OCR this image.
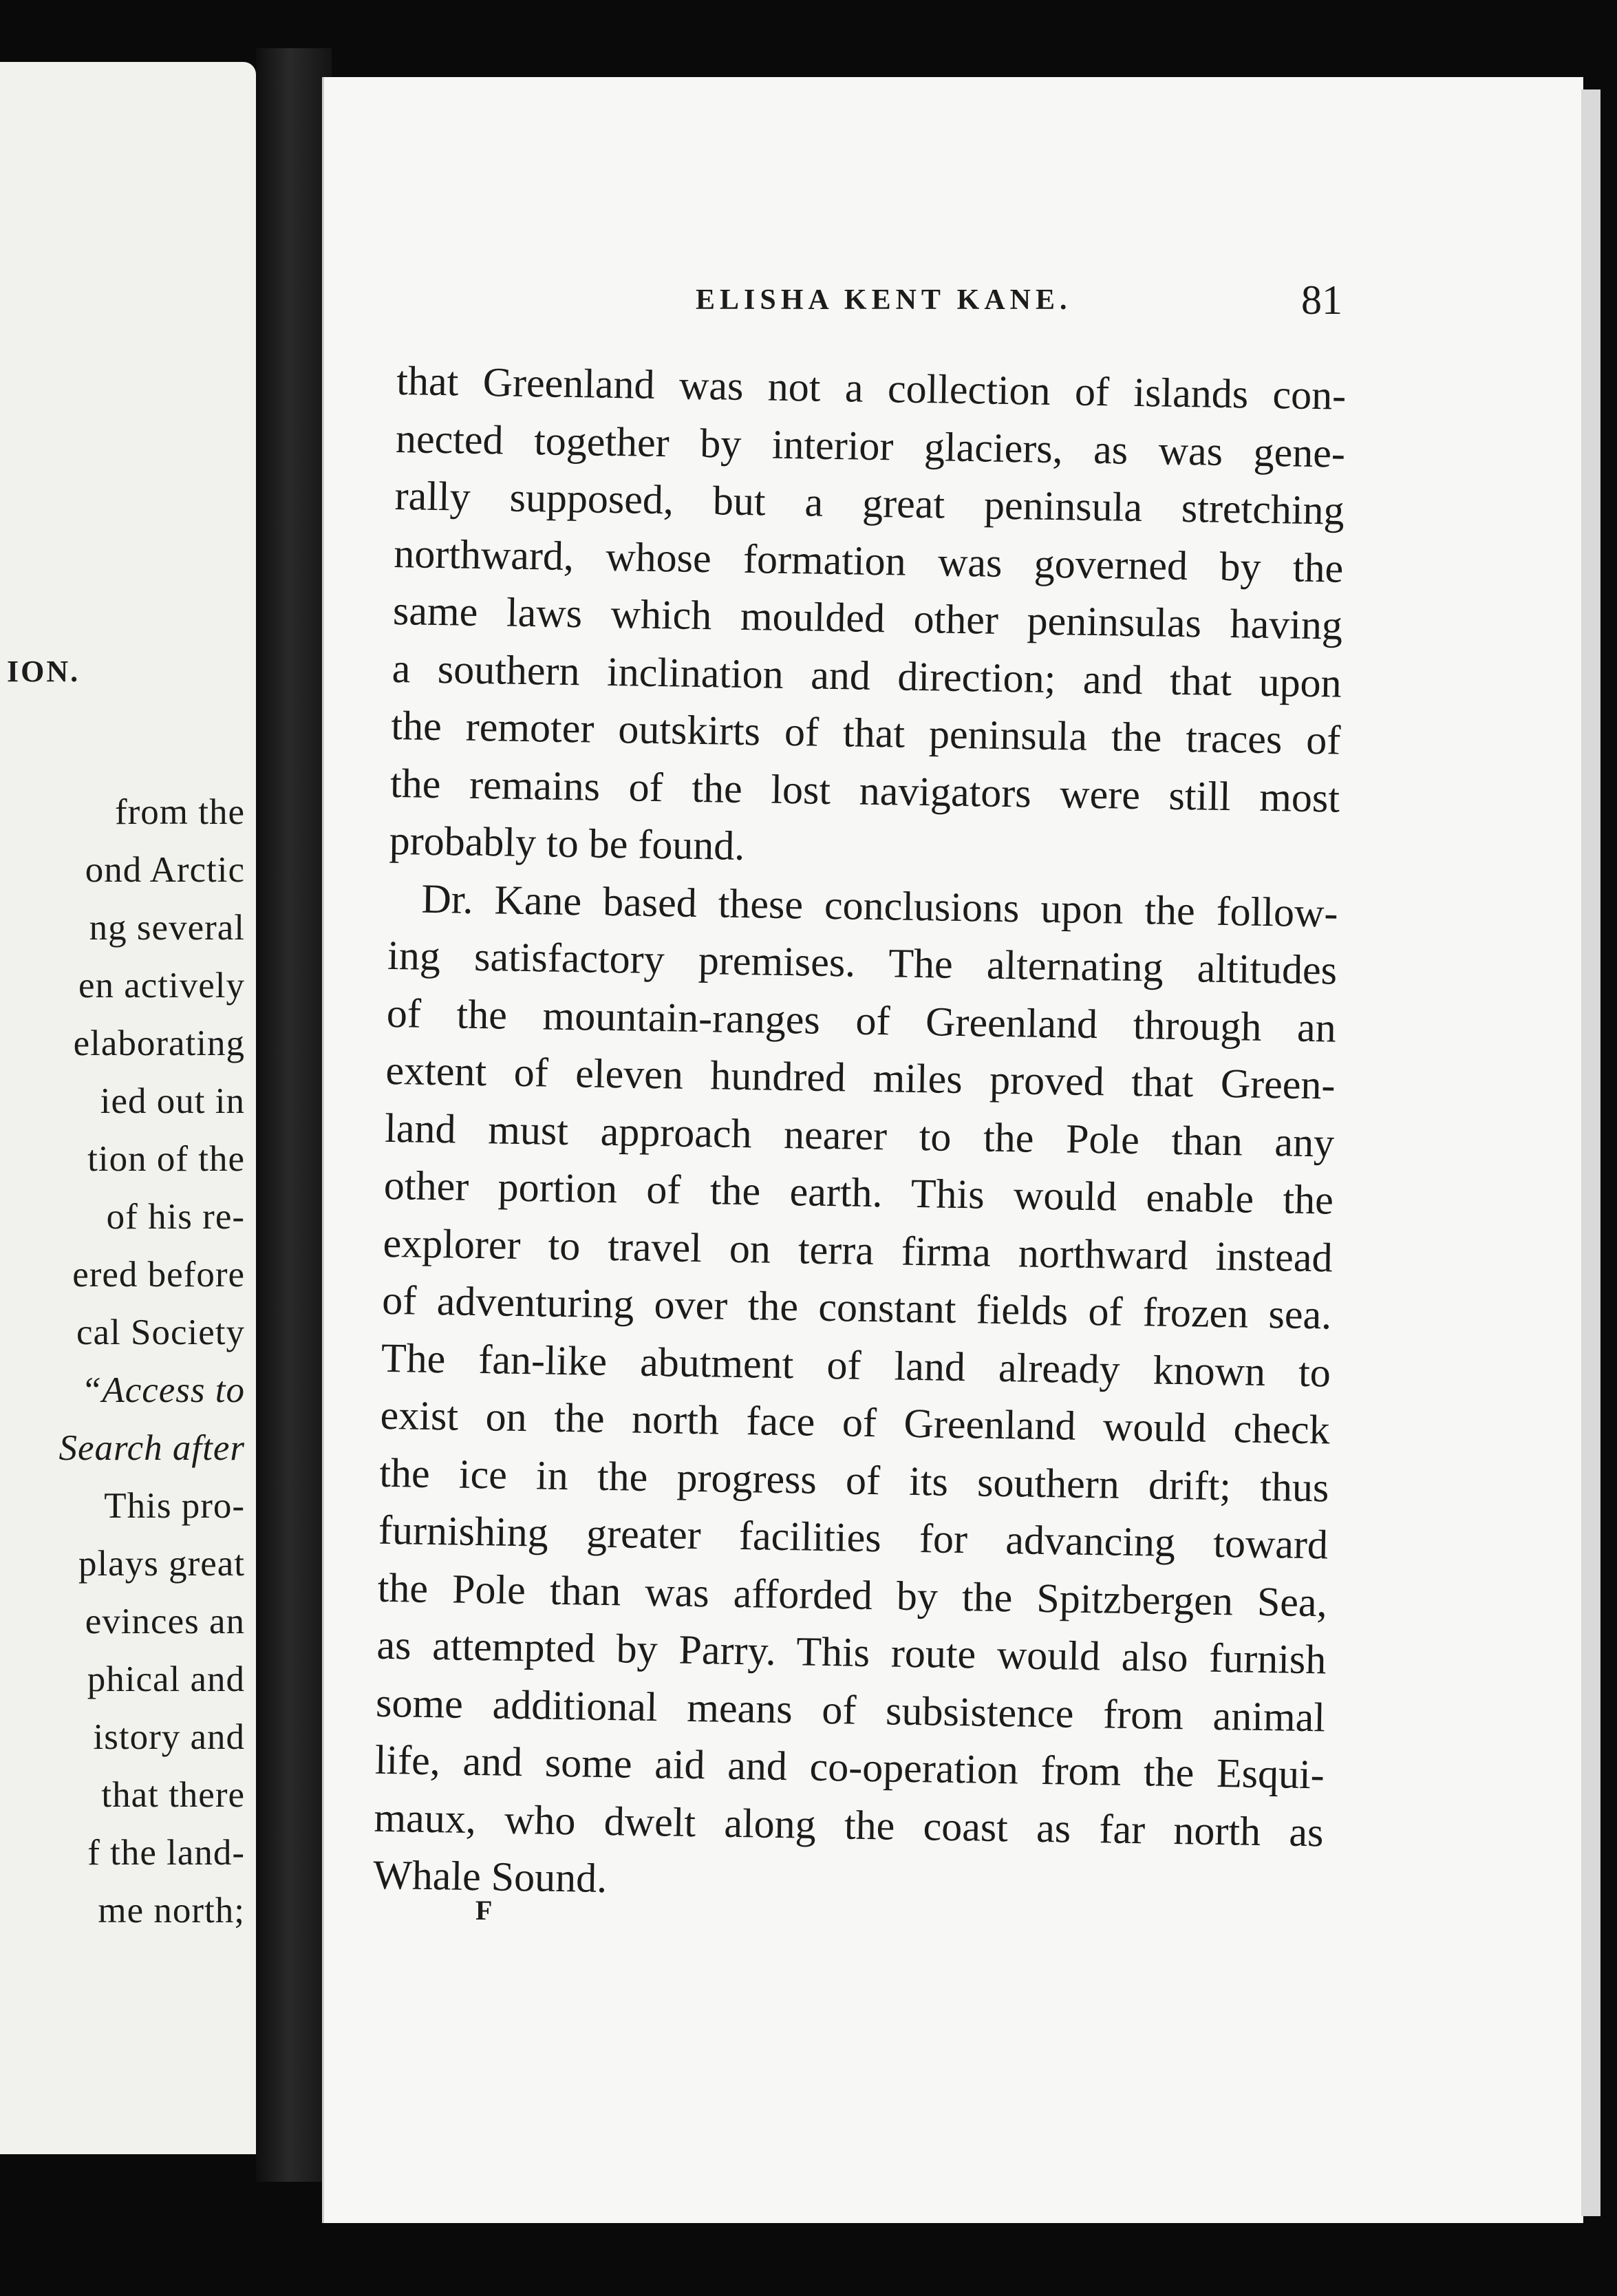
ION.
from the
ond Arctic
ng several
en actively
elaborating
ied out in
tion of the
of his re-
ered before
cal Society
“Access to
Search after
This pro-
plays great
evinces an
phical and
istory and
that there
f the land-
me north;
ELISHA KENT KANE.	81
that Greenland was not a collection of islands con-
nected together by interior glaciers, as was gene-
rally supposed, but a great peninsula stretching
northward, whose formation was governed by the
same laws which moulded other peninsulas having
a southern inclination and direction; and that upon
the remoter outskirts of that peninsula the traces of
the remains of the lost navigators were still most
probably to be found.
Dr. Kane based these conclusions upon the follow-
ing satisfactory premises. The alternating altitudes
of the mountain-ranges of Greenland through an
extent of eleven hundred miles proved that Green-
land must approach nearer to the Pole than any
other portion of the earth. This would enable the
explorer to travel on terra firma northward instead
of adventuring over the constant fields of frozen sea.
The fan-like abutment of land already known to
exist on the north face of Greenland would check
the ice in the progress of its southern drift; thus
furnishing greater facilities for advancing toward
the Pole than was afforded by the Spitzbergen Sea,
as attempted by Parry. This route would also furnish
some additional means of subsistence from animal
life, and some aid and co-operation from the Esqui-
maux, who dwelt along the coast as far north as
Whale Sound.
F
